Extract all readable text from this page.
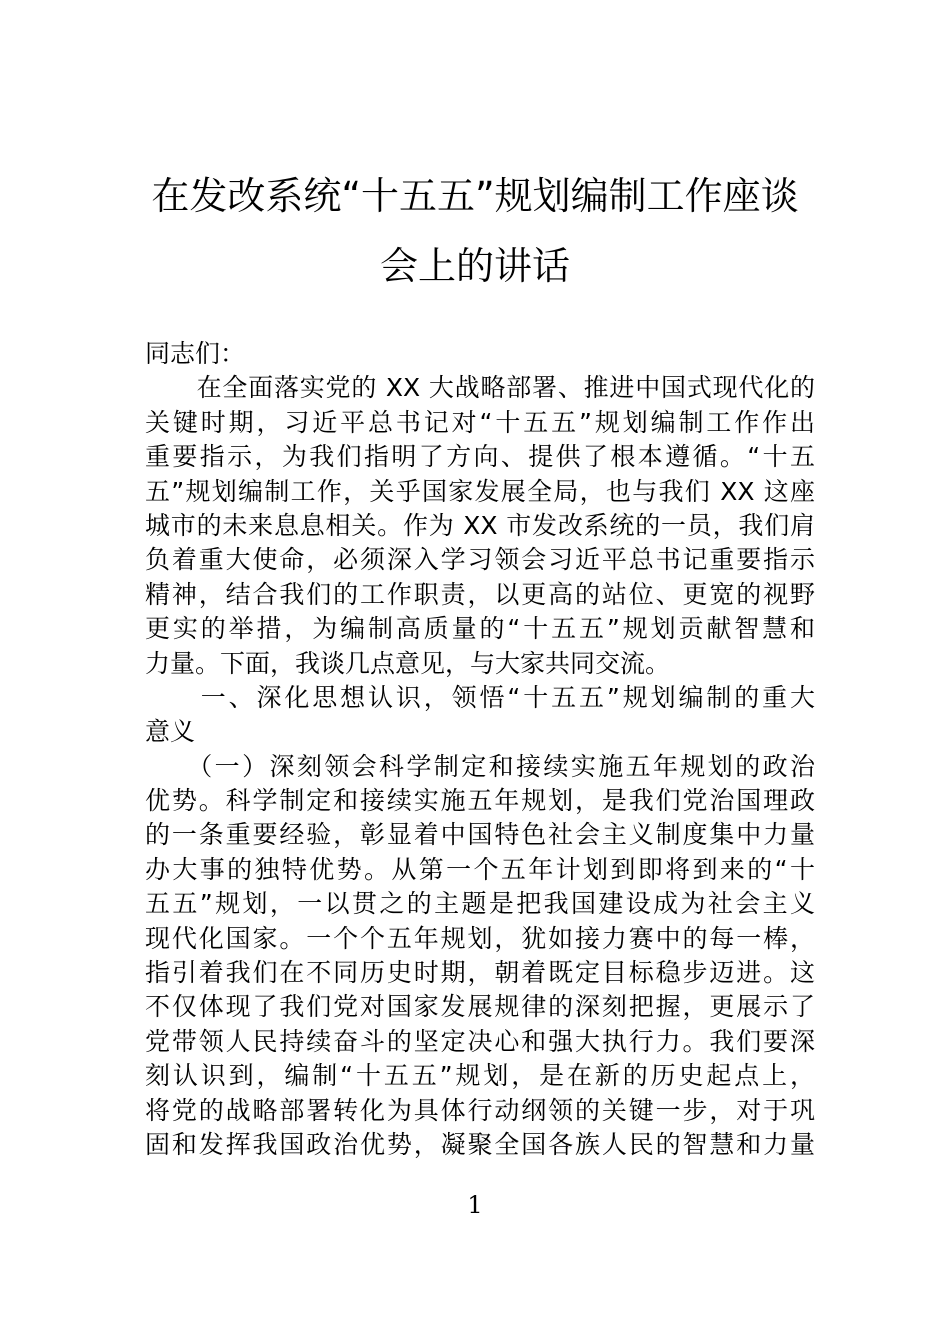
在发改系统“十五五”规划编制工作座谈
会上的讲话
同志们：
　　在全面落实党的 XX 大战略部署、推进中国式现代化的
关键时期，习近平总书记对“十五五”规划编制工作作出
重要指示，为我们指明了方向、提供了根本遵循。“十五
五”规划编制工作，关乎国家发展全局，也与我们 XX 这座
城市的未来息息相关。作为 XX 市发改系统的一员，我们肩
负着重大使命，必须深入学习领会习近平总书记重要指示
精神，结合我们的工作职责，以更高的站位、更宽的视野
更实的举措，为编制高质量的“十五五”规划贡献智慧和
力量。下面，我谈几点意见，与大家共同交流。
　　一、深化思想认识，领悟“十五五”规划编制的重大
意义
　　（一）深刻领会科学制定和接续实施五年规划的政治
优势。科学制定和接续实施五年规划，是我们党治国理政
的一条重要经验，彰显着中国特色社会主义制度集中力量
办大事的独特优势。从第一个五年计划到即将到来的“十
五五”规划，一以贯之的主题是把我国建设成为社会主义
现代化国家。一个个五年规划，犹如接力赛中的每一棒，
指引着我们在不同历史时期，朝着既定目标稳步迈进。这
不仅体现了我们党对国家发展规律的深刻把握，更展示了
党带领人民持续奋斗的坚定决心和强大执行力。我们要深
刻认识到，编制“十五五”规划，是在新的历史起点上，
将党的战略部署转化为具体行动纲领的关键一步，对于巩
固和发挥我国政治优势，凝聚全国各族人民的智慧和力量
1
